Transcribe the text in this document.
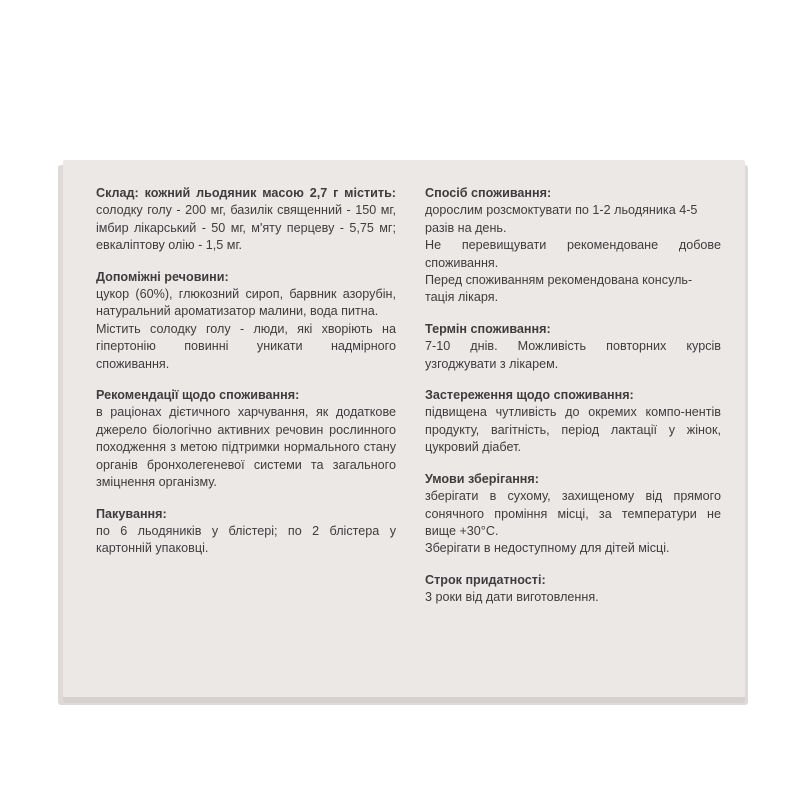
Склад: кожний льодяник масою 2,7 г містить: солодку голу - 200 мг, базилік священний - 150 мг, імбир лікарський - 50 мг, м'яту перцеву - 5,75 мг; евкаліптову олію - 1,5 мг.
Допоміжні речовини:
цукор (60%), глюкозний сироп, барвник азорубін, натуральний ароматизатор малини, вода питна.
Містить солодку голу - люди, які хворіють на гіпертонію повинні уникати надмірного споживання.
Рекомендації щодо споживання:
в раціонах дієтичного харчування, як додаткове джерело біологічно активних речовин рослинного походження з метою підтримки нормального стану органів бронхолегеневої системи та загального зміцнення організму.
Пакування:
по 6 льодяників у блістері; по 2 блістера у картонній упаковці.
Спосіб споживання:
дорослим розсмоктувати по 1-2 льодяника 4-5 разів на день.
Не перевищувати рекомендоване добове споживання.
Перед споживанням рекомендована консуль-тація лікаря.
Термін споживання:
7-10 днів. Можливість повторних курсів узгоджувати з лікарем.
Застереження щодо споживання:
підвищена чутливість до окремих компо-нентів продукту, вагітність, період лактації у жінок, цукровий діабет.
Умови зберігання:
зберігати в сухому, захищеному від прямого сонячного проміння місці, за температури не вище +30°С.
Зберігати в недоступному для дітей місці.
Строк придатності:
3 роки від дати виготовлення.
